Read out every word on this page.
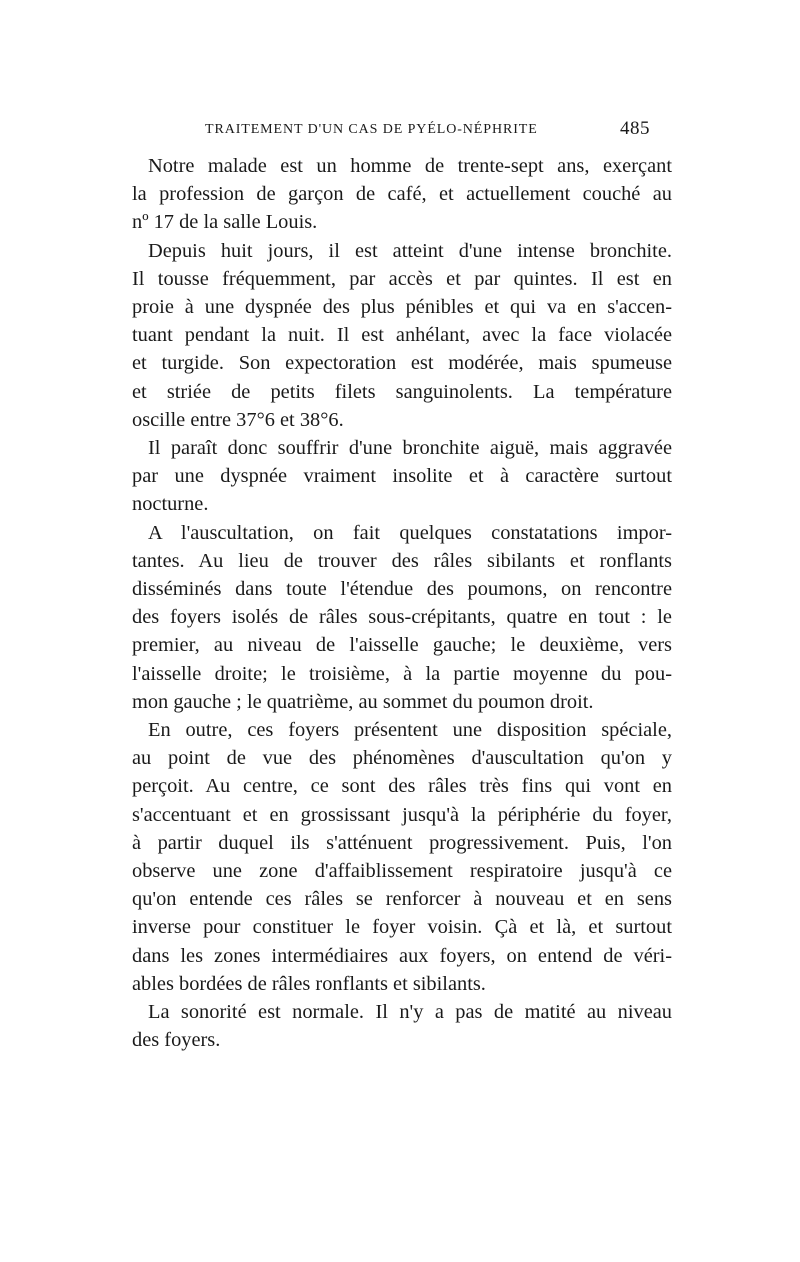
TRAITEMENT D'UN CAS DE PYÉLO-NÉPHRITE	485

Notre malade est un homme de trente-sept ans, exerçant
la profession de garçon de café, et actuellement couché au
nº 17 de la salle Louis.

Depuis huit jours, il est atteint d'une intense bronchite.
Il tousse fréquemment, par accès et par quintes. Il est en
proie à une dyspnée des plus pénibles et qui va en s'accen-
tuant pendant la nuit. Il est anhélant, avec la face violacée
et turgide. Son expectoration est modérée, mais spumeuse
et striée de petits filets sanguinolents. La température
oscille entre 37°6 et 38°6.

Il paraît donc souffrir d'une bronchite aiguë, mais aggravée
par une dyspnée vraiment insolite et à caractère surtout
nocturne.

A l'auscultation, on fait quelques constatations impor-
tantes. Au lieu de trouver des râles sibilants et ronflants
disséminés dans toute l'étendue des poumons, on rencontre
des foyers isolés de râles sous-crépitants, quatre en tout : le
premier, au niveau de l'aisselle gauche; le deuxième, vers
l'aisselle droite; le troisième, à la partie moyenne du pou-
mon gauche ; le quatrième, au sommet du poumon droit.

En outre, ces foyers présentent une disposition spéciale,
au point de vue des phénomènes d'auscultation qu'on y
perçoit. Au centre, ce sont des râles très fins qui vont en
s'accentuant et en grossissant jusqu'à la périphérie du foyer,
à partir duquel ils s'atténuent progressivement. Puis, l'on
observe une zone d'affaiblissement respiratoire jusqu'à ce
qu'on entende ces râles se renforcer à nouveau et en sens
inverse pour constituer le foyer voisin. Çà et là, et surtout
dans les zones intermédiaires aux foyers, on entend de véri-
ables bordées de râles ronflants et sibilants.

La sonorité est normale. Il n'y a pas de matité au niveau
des foyers.
